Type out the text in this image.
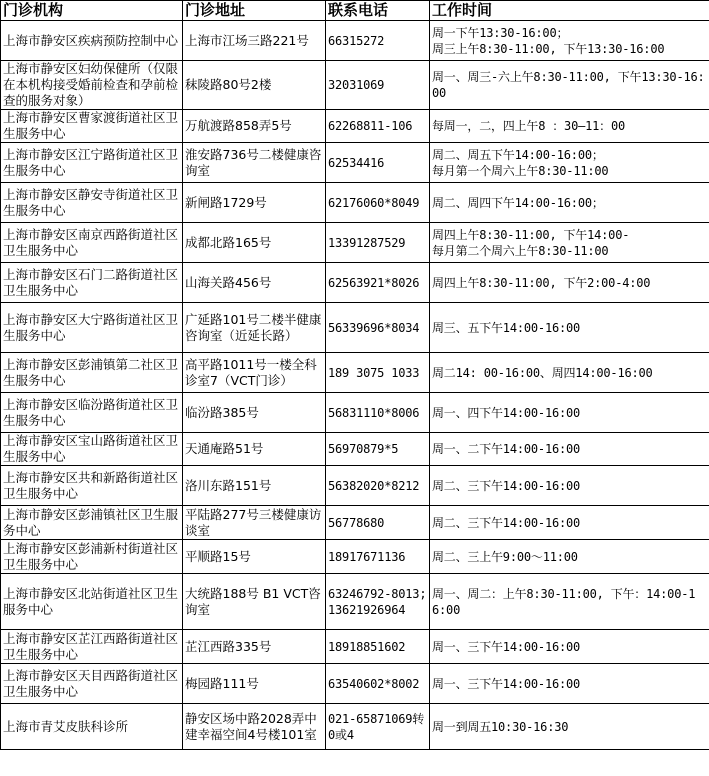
门诊机构	门诊地址	联系电话	工作时间
上海市静安区疾病预防控制中心	上海市江场三路221号	66315272	周一下午13:30-16:00；
周三上午8:30-11:00, 下午13:30-16:00
上海市静安区妇幼保健所（仅限在本机构接受婚前检查和孕前检查的服务对象）	秣陵路80号2楼	32031069	周一、周三-六上午8:30-11:00, 下午13:30-16:00
上海市静安区曹家渡街道社区卫生服务中心	万航渡路858弄5号	62268811-106	每周一，二，四上午8 ：30—11：00
上海市静安区江宁路街道社区卫生服务中心	淮安路736号二楼健康咨询室	62534416	周二、周五下午14:00-16:00；
每月第一个周六上午8:30-11:00
上海市静安区静安寺街道社区卫生服务中心	新闸路1729号	62176060*8049	周二、周四下午14:00-16:00；
上海市静安区南京西路街道社区卫生服务中心	成都北路165号	13391287529	周四上午8:30-11:00, 下午14:00-
每月第二个周六上午8:30-11:00
上海市静安区石门二路街道社区卫生服务中心	山海关路456号	62563921*8026	周四上午8:30-11:00, 下午2:00-4:00
上海市静安区大宁路街道社区卫生服务中心	广延路101号二楼半健康咨询室（近延长路）	56339696*8034	周三、五下午14:00-16:00
上海市静安区彭浦镇第二社区卫生服务中心	高平路1011号一楼全科诊室7（VCT门诊）	189 3075 1033	周二14: 00-16:00、周四14:00-16:00
上海市静安区临汾路街道社区卫生服务中心	临汾路385号	56831110*8006	周一、四下午14:00-16:00
上海市静安区宝山路街道社区卫生服务中心	天通庵路51号	56970879*5	周一、二下午14:00-16:00
上海市静安区共和新路街道社区卫生服务中心	洛川东路151号	56382020*8212	周二、三下午14:00-16:00
上海市静安区彭浦镇社区卫生服务中心	平陆路277号三楼健康访谈室	56778680	周二、三下午14:00-16:00
上海市静安区彭浦新村街道社区卫生服务中心	平顺路15号	18917671136	周二、三上午9:00～11:00
上海市静安区北站街道社区卫生服务中心	大统路188号 B1 VCT咨询室	63246792-8013;
13621926964	周一、周二：上午8:30-11:00, 下午：14:00-16:00
上海市静安区芷江西路街道社区卫生服务中心	芷江西路335号	18918851602	周一、三下午14:00-16:00
上海市静安区天目西路街道社区卫生服务中心	梅园路111号	63540602*8002	周一、三下午14:00-16:00
上海市青艾皮肤科诊所	静安区场中路2028弄中建幸福空间4号楼101室	021-65871069转0或4	周一到周五10:30-16:30
